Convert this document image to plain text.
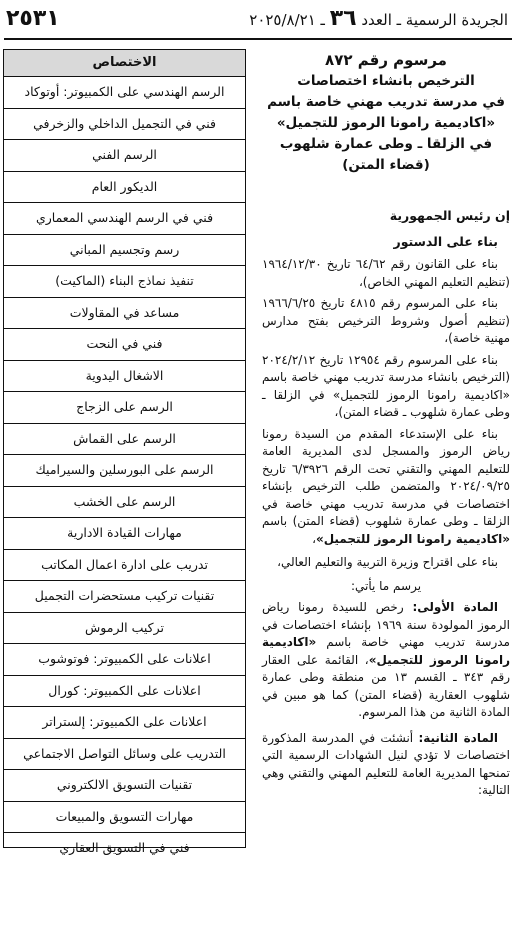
٢٥٣١	الجريدة الرسمية ـ العدد ٣٦ ـ ٢٠٢٥/٨/٢١
الاختصاص
الرسم الهندسي على الكمبيوتر: أوتوكاد
فني في التجميل الداخلي والزخرفي
الرسم الفني
الديكور العام
فني في الرسم الهندسي المعماري
رسم وتجسيم المباني
تنفيذ نماذج البناء (الماكيت)
مساعد في المقاولات
فني في النحت
الاشغال اليدوية
الرسم على الزجاج
الرسم على القماش
الرسم على البورسلين والسيراميك
الرسم على الخشب
مهارات القيادة الادارية
تدريب على ادارة اعمال المكاتب
تقنيات تركيب مستحضرات التجميل
تركيب الرموش
اعلانات على الكمبيوتر: فوتوشوب
اعلانات على الكمبيوتر: كورال
اعلانات على الكمبيوتر: إلستراتر
التدريب على وسائل التواصل الاجتماعي
تقنيات التسويق الالكتروني
مهارات التسويق والمبيعات
فني في التسويق العقاري
مرسوم رقم ٨٧٢
الترخيص بانشاء اختصاصات
في مدرسة تدريب مهني خاصة باسم
«اكاديمية رامونا الرموز للتجميل»
في الزلقا ـ وطى عمارة شلهوب
(قضاء المتن)
إن رئيس الجمهورية
بناء على الدستور
بناء على القانون رقم ٦٤/٦٢ تاريخ ١٩٦٤/١٢/٣٠ (تنظيم التعليم المهني الخاص)،
بناء على المرسوم رقم ٤٨١٥ تاريخ ١٩٦٦/٦/٢٥ (تنظيم أصول وشروط الترخيص بفتح مدارس مهنية خاصة)،
بناء على المرسوم رقم ١٢٩٥٤ تاريخ ٢٠٢٤/٢/١٢ (الترخيص بانشاء مدرسة تدريب مهني خاصة باسم «اكاديمية رامونا الرموز للتجميل» في الزلقا ـ وطى عمارة شلهوب ـ قضاء المتن)،
بناء على الإستدعاء المقدم من السيدة رمونا رياض الرموز والمسجل لدى المديرية العامة للتعليم المهني والتقني تحت الرقم ٦/٣٩٢٦ تاريخ ٢٠٢٤/٠٩/٢٥ والمتضمن طلب الترخيص بإنشاء اختصاصات في مدرسة تدريب مهني خاصة في الزلقا ـ وطى عمارة شلهوب (قضاء المتن) باسم «اكاديمية رامونا الرموز للتجميل»،
بناء على اقتراح وزيرة التربية والتعليم العالي،
يرسم ما يأتي:
المادة الأولى: رخص للسيدة رمونا رياض الرموز المولودة سنة ١٩٦٩ بإنشاء اختصاصات في مدرسة تدريب مهني خاصة باسم «اكاديمية رامونا الرموز للتجميل»، القائمة على العقار رقم ٣٤٣ ـ القسم ١٣ من منطقة وطى عمارة شلهوب العقارية (قضاء المتن) كما هو مبين في المادة الثانية من هذا المرسوم.
المادة الثانية: أنشئت في المدرسة المذكورة اختصاصات لا تؤدي لنيل الشهادات الرسمية التي تمنحها المديرية العامة للتعليم المهني والتقني وهي التالية:
